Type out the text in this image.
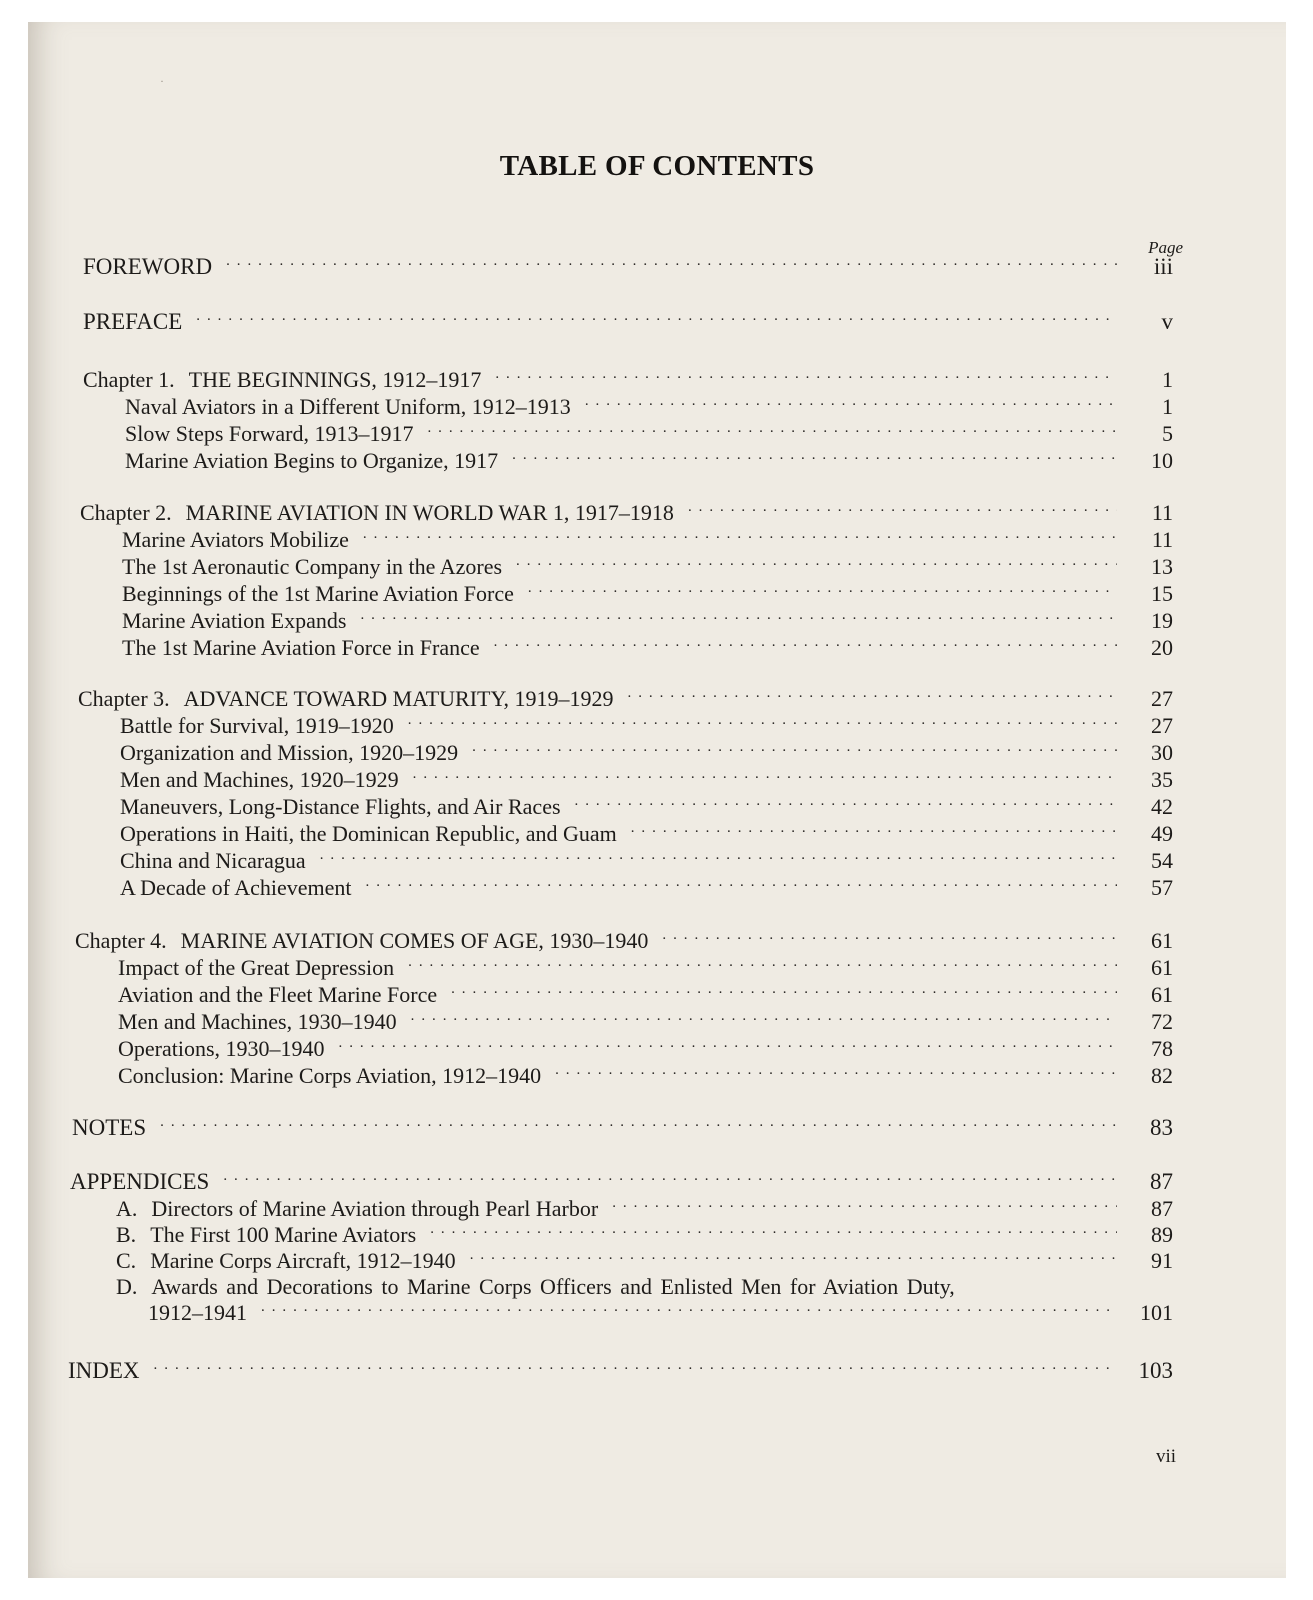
·
TABLE OF CONTENTS
Page
FOREWORD . . .	iii
PREFACE . . .	v
Chapter 1. THE BEGINNINGS, 1912–1917 . . .	1
Naval Aviators in a Different Uniform, 1912–1913 . . .	1
Slow Steps Forward, 1913–1917 . . .	5
Marine Aviation Begins to Organize, 1917 . . .	10
Chapter 2. MARINE AVIATION IN WORLD WAR 1, 1917–1918 . . .	11
Marine Aviators Mobilize . . .	11
The 1st Aeronautic Company in the Azores . . .	13
Beginnings of the 1st Marine Aviation Force . . .	15
Marine Aviation Expands . . .	19
The 1st Marine Aviation Force in France . . .	20
Chapter 3. ADVANCE TOWARD MATURITY, 1919–1929 . . .	27
Battle for Survival, 1919–1920 . . .	27
Organization and Mission, 1920–1929 . . .	30
Men and Machines, 1920–1929 . . .	35
Maneuvers, Long-Distance Flights, and Air Races . . .	42
Operations in Haiti, the Dominican Republic, and Guam . . .	49
China and Nicaragua . . .	54
A Decade of Achievement . . .	57
Chapter 4. MARINE AVIATION COMES OF AGE, 1930–1940 . . .	61
Impact of the Great Depression . . .	61
Aviation and the Fleet Marine Force . . .	61
Men and Machines, 1930–1940 . . .	72
Operations, 1930–1940 . . .	78
Conclusion: Marine Corps Aviation, 1912–1940 . . .	82
NOTES . . .	83
APPENDICES . . .	87
A. Directors of Marine Aviation through Pearl Harbor . . .	87
B. The First 100 Marine Aviators . . .	89
C. Marine Corps Aircraft, 1912–1940 . . .	91
D. Awards and Decorations to Marine Corps Officers and Enlisted Men for Aviation Duty,
1912–1941 . . .	101
INDEX . . .	103
vii
